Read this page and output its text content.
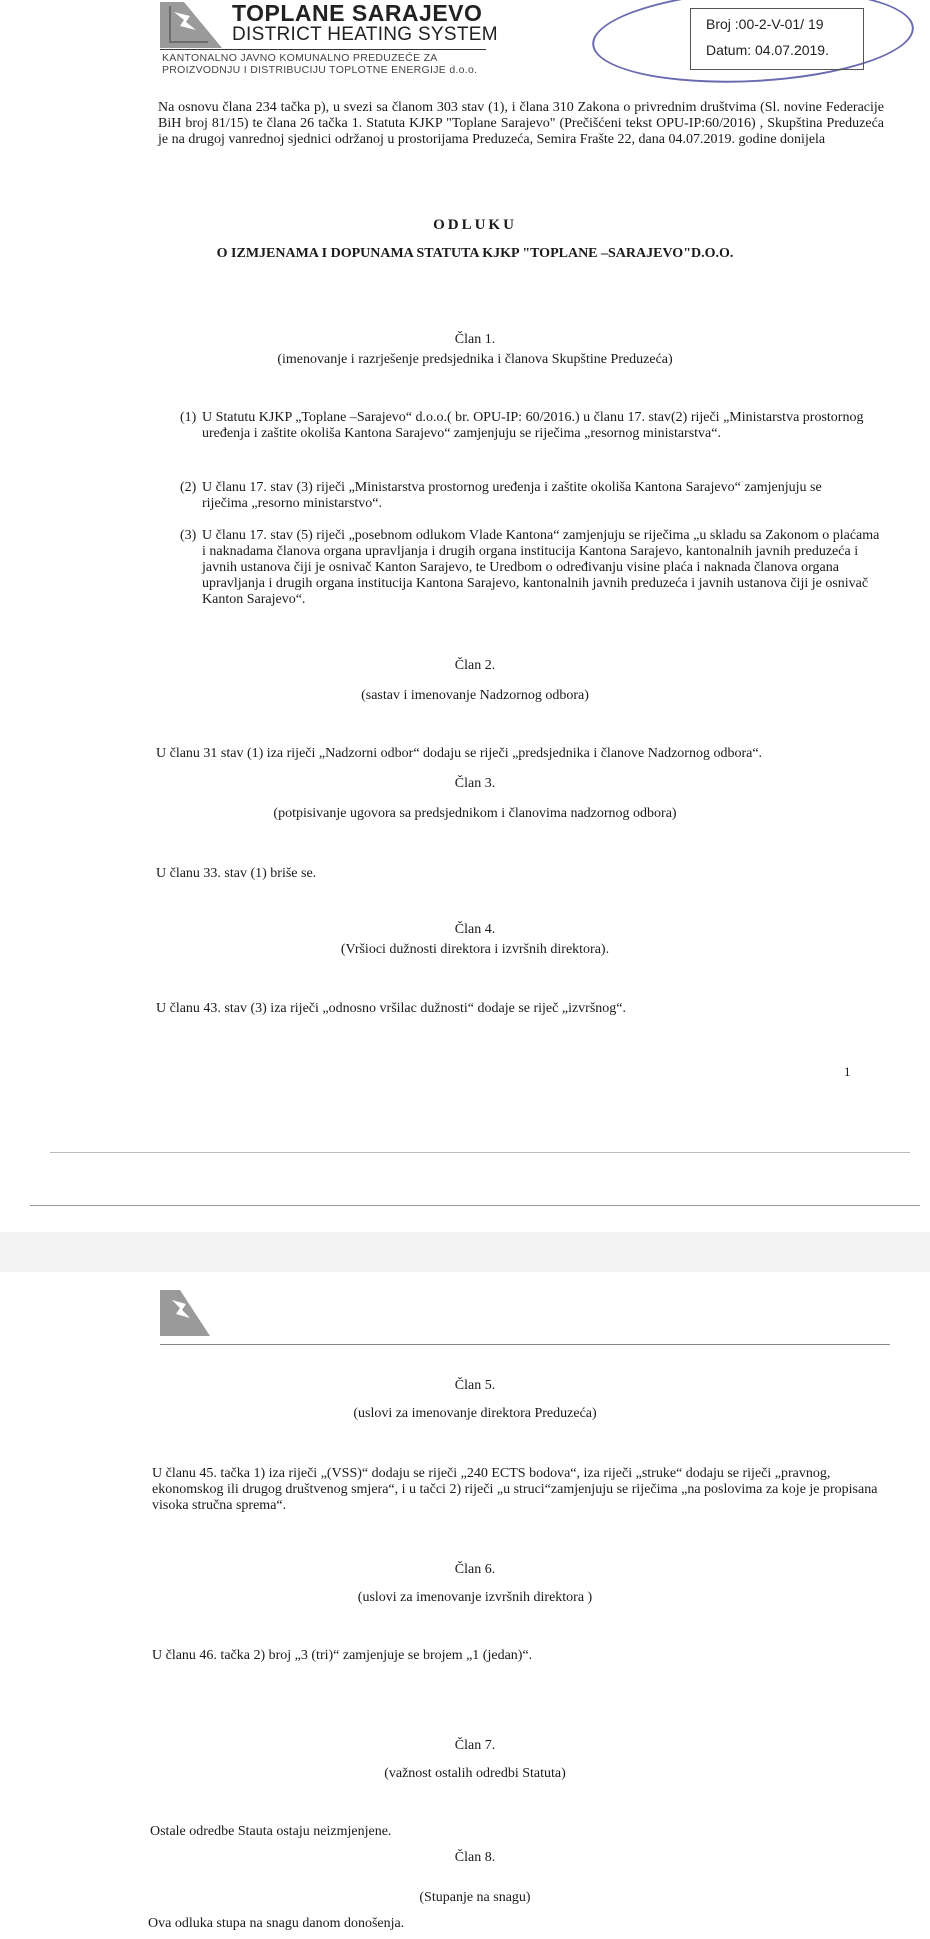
TOPLANE SARAJEVO
DISTRICT HEATING SYSTEM
KANTONALNO JAVNO KOMUNALNO PREDUZEĆE ZA
PROIZVODNJU I DISTRIBUCIJU TOPLOTNE ENERGIJE d.o.o.
Broj :00-2-V-01/ 19
Datum: 04.07.2019.
Na osnovu člana 234 tačka p), u svezi sa članom 303 stav (1), i člana 310 Zakona o privrednim društvima (Sl. novine Federacije BiH broj 81/15) te člana 26 tačka 1. Statuta KJKP "Toplane Sarajevo" (Prečišćeni tekst OPU-IP:60/2016) , Skupština Preduzeća je na drugoj vanrednoj sjednici održanoj u prostorijama Preduzeća, Semira Frašte 22, dana 04.07.2019. godine donijela
ODLUKU
O IZMJENAMA I DOPUNAMA STATUTA KJKP "TOPLANE –SARAJEVO"D.O.O.
Član 1.
(imenovanje i razrješenje predsjednika i članova Skupštine Preduzeća)
(1) U Statutu KJKP „Toplane –Sarajevo“ d.o.o.( br. OPU-IP: 60/2016.) u članu 17. stav(2) riječi „Ministarstva prostornog uređenja i zaštite okoliša Kantona Sarajevo“ zamjenjuju se riječima „resornog ministarstva“.
(2) U članu 17. stav (3) riječi „Ministarstva prostornog uređenja i zaštite okoliša Kantona Sarajevo“ zamjenjuju se riječima „resorno ministarstvo“.
(3) U članu 17. stav (5) riječi „posebnom odlukom Vlade Kantona“ zamjenjuju se riječima „u skladu sa Zakonom o plaćama i naknadama članova organa upravljanja i drugih organa institucija Kantona Sarajevo, kantonalnih javnih preduzeća i javnih ustanova čiji je osnivač Kanton Sarajevo, te Uredbom o određivanju visine plaća i naknada članova organa upravljanja i drugih organa institucija Kantona Sarajevo, kantonalnih javnih preduzeća i javnih ustanova čiji je osnivač Kanton Sarajevo“.
Član 2.
(sastav i imenovanje Nadzornog odbora)
U članu 31 stav (1) iza riječi „Nadzorni odbor“ dodaju se riječi „predsjednika i članove Nadzornog odbora“.
Član 3.
(potpisivanje ugovora sa predsjednikom i članovima nadzornog odbora)
U članu 33. stav (1) briše se.
Član 4.
(Vršioci dužnosti direktora i izvršnih direktora).
U članu 43. stav (3) iza riječi „odnosno vršilac dužnosti“ dodaje se riječ „izvršnog“.
1
Član 5.
(uslovi za imenovanje direktora Preduzeća)
U članu 45. tačka 1) iza riječi „(VSS)“ dodaju se riječi „240 ECTS bodova“, iza riječi „struke“ dodaju se riječi „pravnog, ekonomskog ili drugog društvenog smjera“, i u tačci 2) riječi „u struci“zamjenjuju se riječima „na poslovima za koje je propisana visoka stručna sprema“.
Član 6.
(uslovi za imenovanje izvršnih direktora )
U članu 46. tačka 2) broj „3 (tri)“ zamjenjuje se brojem „1 (jedan)“.
Član 7.
(važnost ostalih odredbi Statuta)
Ostale odredbe Stauta ostaju neizmjenjene.
Član 8.
(Stupanje na snagu)
Ova odluka stupa na snagu danom donošenja.
